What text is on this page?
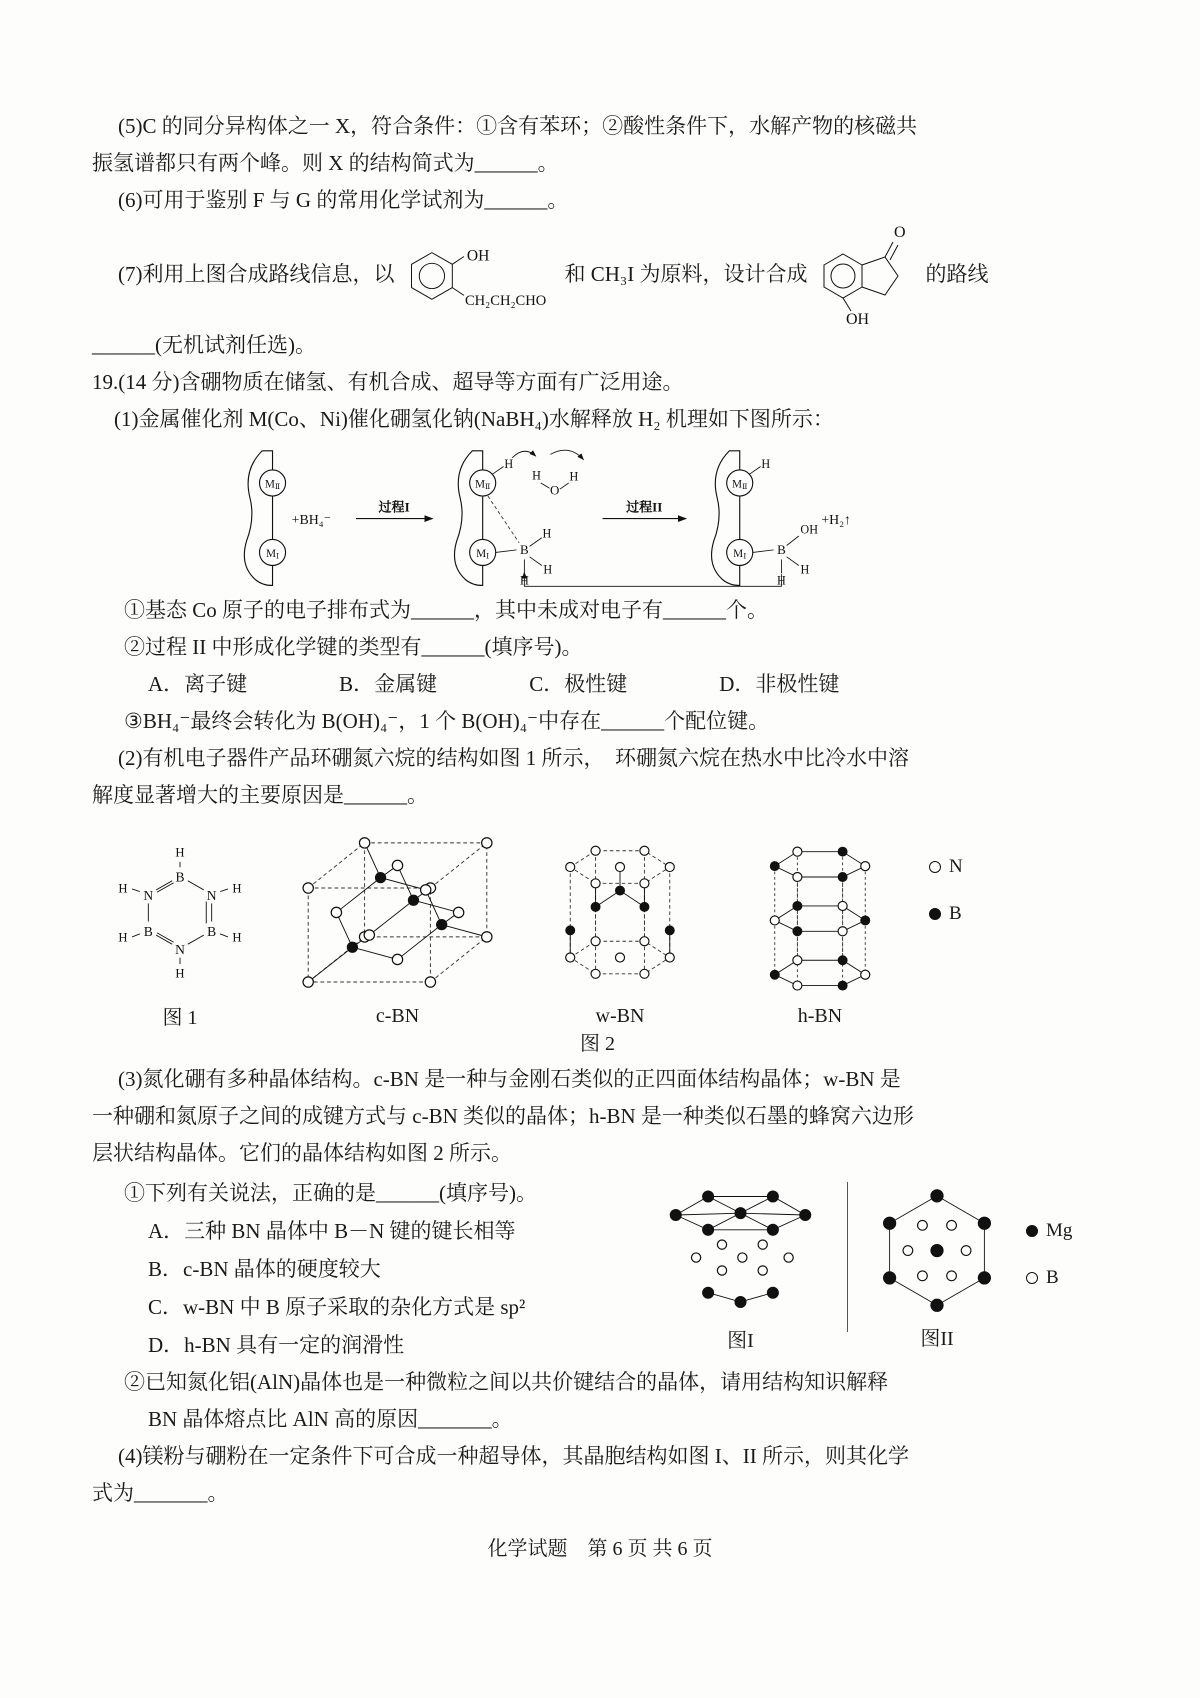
(5)C 的同分异构体之一 X，符合条件：①含有苯环；②酸性条件下，水解产物的核磁共

振氢谱都只有两个峰。则 X 的结构简式为______。

(6)可用于鉴别 F 与 G 的常用化学试剂为______。

(7)利用上图合成路线信息，以
OH
CH₂CH₂CHO
和 CH₃I 为原料，设计合成
O
OH
的路线

______(无机试剂任选)。

19.(14 分)含硼物质在储氢、有机合成、超导等方面有广泛用途。

(1)金属催化剂 M(Co、Ni)催化硼氢化钠(NaBH₄)水解释放 H₂ 机理如下图所示：

MⅡ
MⅠ
+BH₄⁻
过程I
MⅡ
H
H
O
H
MⅠ B
H
H
H
过程II
MⅡ
H
MⅠ B
OH
H
H
+H₂↑

①基态 Co 原子的电子排布式为______，其中未成对电子有______个。

②过程 II 中形成化学键的类型有______(填序号)。

A．离子键	B．金属键	C．极性键	D．非极性键

③BH₄⁻最终会转化为 B(OH)₄⁻，1 个 B(OH)₄⁻中存在______个配位键。

(2)有机电子器件产品环硼氮六烷的结构如图 1 所示，　环硼氮六烷在热水中比冷水中溶

解度显著增大的主要原因是______。

B
N
B
N
B
N
H
H	H
H	H
H
图 1	c-BN	w-BN	h-BN
图 2
N
B

(3)氮化硼有多种晶体结构。c-BN 是一种与金刚石类似的正四面体结构晶体；w-BN 是

一种硼和氮原子之间的成键方式与 c-BN 类似的晶体；h-BN 是一种类似石墨的蜂窝六边形

层状结构晶体。它们的晶体结构如图 2 所示。

①下列有关说法，正确的是______(填序号)。

A．三种 BN 晶体中 B－N 键的键长相等

B．c-BN 晶体的硬度较大

C．w-BN 中 B 原子采取的杂化方式是 sp²

D．h-BN 具有一定的润滑性	图I	图II
Mg
B

②已知氮化铝(AlN)晶体也是一种微粒之间以共价键结合的晶体，请用结构知识解释

BN 晶体熔点比 AlN 高的原因_______。

(4)镁粉与硼粉在一定条件下可合成一种超导体，其晶胞结构如图 I、II 所示，则其化学

式为_______。

化学试题　第 6 页 共 6 页
